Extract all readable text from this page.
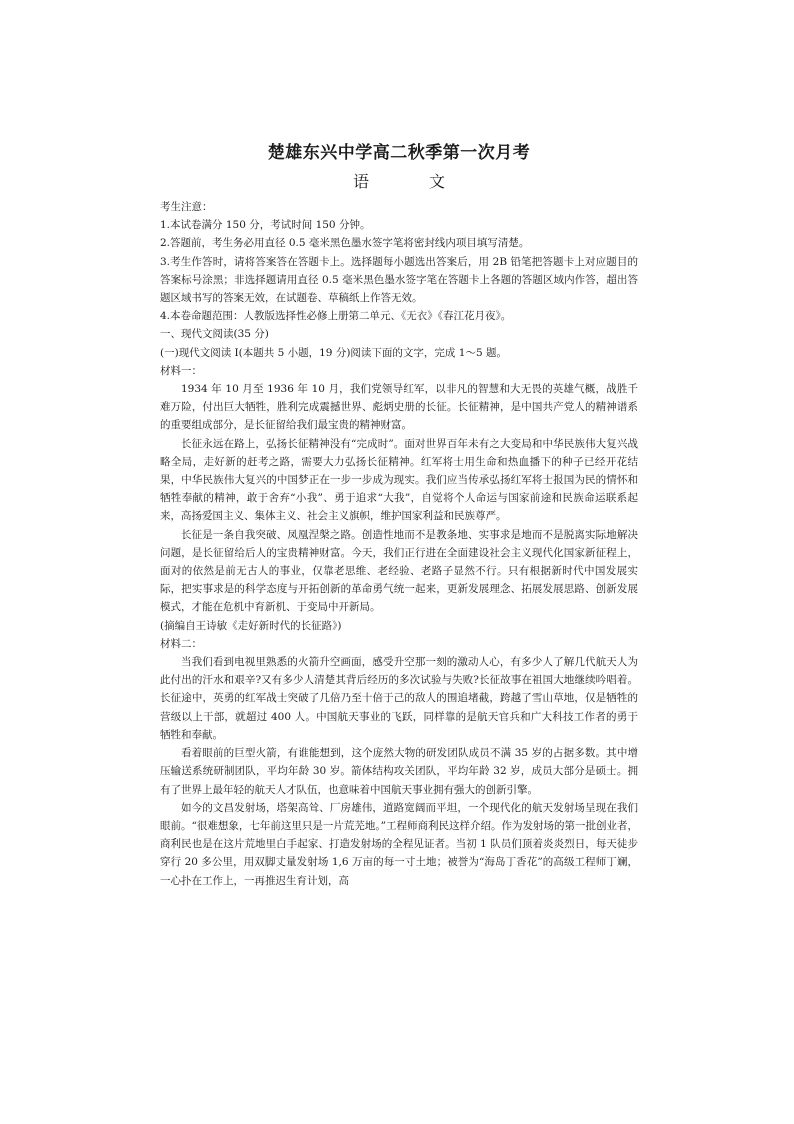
楚雄东兴中学高二秋季第一次月考
语　文

考生注意：

1.本试卷满分 150 分，考试时间 150 分钟。

2.答题前，考生务必用直径 0.5 毫米黑色墨水签字笔将密封线内项目填写清楚。

3.考生作答时，请将答案答在答题卡上。选择题每小题选出答案后，用 2B 铅笔把答题卡上对应题目的答案标号涂黑；非选择题请用直径 0.5 毫米黑色墨水签字笔在答题卡上各题的答题区域内作答，超出答题区域书写的答案无效，在试题卷、草稿纸上作答无效。

4.本卷命题范围：人教版选择性必修上册第二单元、《无衣》《春江花月夜》。

一、现代文阅读(35 分)

(一)现代文阅读 I(本题共 5 小题，19 分)阅读下面的文字，完成 1～5 题。

材料一：

1934 年 10 月至 1936 年 10 月，我们党领导红军，以非凡的智慧和大无畏的英雄气概，战胜千难万险，付出巨大牺牲，胜利完成震撼世界、彪炳史册的长征。长征精神，是中国共产党人的精神谱系的重要组成部分，是长征留给我们最宝贵的精神财富。

长征永远在路上，弘扬长征精神没有“完成时”。面对世界百年未有之大变局和中华民族伟大复兴战略全局，走好新的赶考之路，需要大力弘扬长征精神。红军将士用生命和热血播下的种子已经开花结果，中华民族伟大复兴的中国梦正在一步一步成为现实。我们应当传承弘扬红军将士报国为民的情怀和牺牲奉献的精神，敢于舍弃“小我”、勇于追求“大我”，自觉将个人命运与国家前途和民族命运联系起来，高扬爱国主义、集体主义、社会主义旗帜，维护国家利益和民族尊严。

长征是一条自我突破、凤凰涅槃之路。创造性地而不是教条地、实事求是地而不是脱离实际地解决问题，是长征留给后人的宝贵精神财富。今天，我们正行进在全面建设社会主义现代化国家新征程上，面对的依然是前无古人的事业，仅靠老思维、老经验、老路子显然不行。只有根据新时代中国发展实际，把实事求是的科学态度与开拓创新的革命勇气统一起来，更新发展理念、拓展发展思路、创新发展模式，才能在危机中育新机、于变局中开新局。

(摘编自王诗敏《走好新时代的长征路》)

材料二：

当我们看到电视里熟悉的火箭升空画面，感受升空那一刻的激动人心，有多少人了解几代航天人为此付出的汗水和艰辛?又有多少人清楚其背后经历的多次试验与失败?长征故事在祖国大地继续吟唱着。长征途中，英勇的红军战士突破了几倍乃至十倍于己的敌人的围追堵截，跨越了雪山草地，仅是牺牲的营级以上干部，就超过 400 人。中国航天事业的飞跃，同样靠的是航天官兵和广大科技工作者的勇于牺牲和奉献。

看着眼前的巨型火箭，有谁能想到，这个庞然大物的研发团队成员不满 35 岁的占据多数。其中增压输送系统研制团队，平均年龄 30 岁。箭体结构攻关团队，平均年龄 32 岁，成员大部分是硕士。拥有了世界上最年轻的航天人才队伍，也意味着中国航天事业拥有强大的创新引擎。

如今的文昌发射场，塔架高耸、厂房雄伟，道路宽阔而平坦，一个现代化的航天发射场呈现在我们眼前。“很难想象，七年前这里只是一片荒芜地。”工程师商利民这样介绍。作为发射场的第一批创业者，商利民也是在这片荒地里白手起家、打造发射场的全程见证者。当初 1 队员们顶着炎炎烈日，每天徒步穿行 20 多公里，用双脚丈量发射场 1,6 万亩的每一寸土地；被誉为“海岛丁香花”的高级工程师丁斓，一心扑在工作上，一再推迟生育计划，高
